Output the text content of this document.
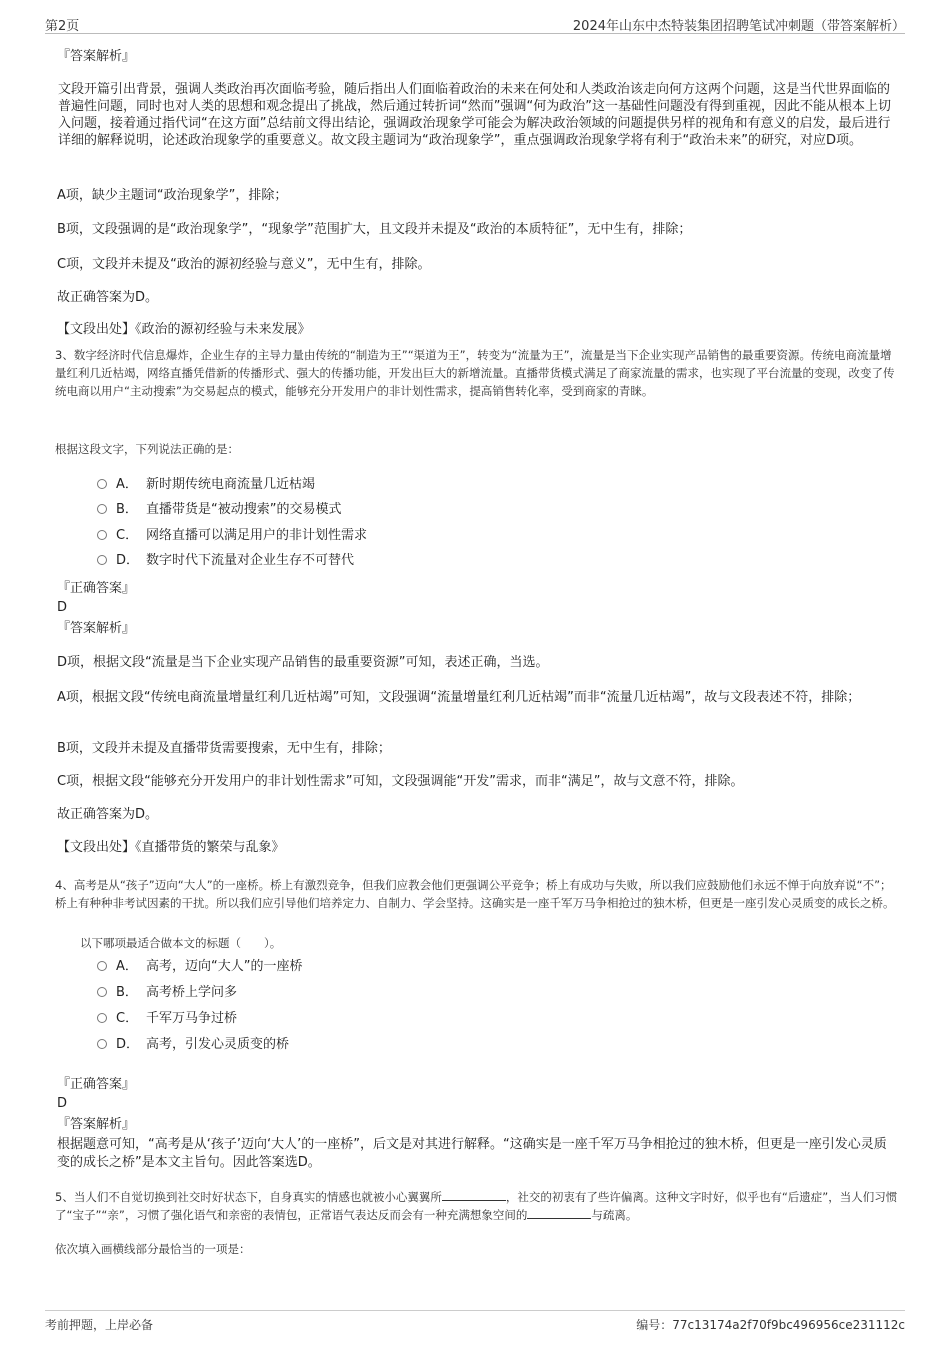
第2页	2024年山东中杰特装集团招聘笔试冲刺题（带答案解析）
『答案解析』
文段开篇引出背景，强调人类政治再次面临考验，随后指出人们面临着政治的未来在何处和人类政治该走向何方这两个问题，这是当代世界面临的普遍性问题，同时也对人类的思想和观念提出了挑战，然后通过转折词“然而”强调“何为政治”这一基础性问题没有得到重视，因此不能从根本上切入问题，接着通过指代词“在这方面”总结前文得出结论，强调政治现象学可能会为解决政治领域的问题提供另样的视角和有意义的启发，最后进行详细的解释说明，论述政治现象学的重要意义。故文段主题词为“政治现象学”，重点强调政治现象学将有利于“政治未来”的研究，对应D项。
A项，缺少主题词“政治现象学”，排除；
B项，文段强调的是“政治现象学”，“现象学”范围扩大，且文段并未提及“政治的本质特征”，无中生有，排除；
C项，文段并未提及“政治的源初经验与意义”，无中生有，排除。
故正确答案为D。
【文段出处】《政治的源初经验与未来发展》
3、数字经济时代信息爆炸，企业生存的主导力量由传统的“制造为王”“渠道为王”，转变为“流量为王”，流量是当下企业实现产品销售的最重要资源。传统电商流量增量红利几近枯竭，网络直播凭借新的传播形式、强大的传播功能，开发出巨大的新增流量。直播带货模式满足了商家流量的需求，也实现了平台流量的变现，改变了传统电商以用户“主动搜索”为交易起点的模式，能够充分开发用户的非计划性需求，提高销售转化率，受到商家的青睐。
根据这段文字，下列说法正确的是：
A． 新时期传统电商流量几近枯竭
B． 直播带货是“被动搜索”的交易模式
C． 网络直播可以满足用户的非计划性需求
D． 数字时代下流量对企业生存不可替代
『正确答案』
D
『答案解析』
D项，根据文段“流量是当下企业实现产品销售的最重要资源”可知，表述正确，当选。
A项，根据文段“传统电商流量增量红利几近枯竭”可知，文段强调“流量增量红利几近枯竭”而非“流量几近枯竭”，故与文段表述不符，排除；
B项，文段并未提及直播带货需要搜索，无中生有，排除；
C项，根据文段“能够充分开发用户的非计划性需求”可知，文段强调能“开发”需求，而非“满足”，故与文意不符，排除。
故正确答案为D。
【文段出处】《直播带货的繁荣与乱象》
4、高考是从“孩子”迈向“大人”的一座桥。桥上有激烈竞争，但我们应教会他们更强调公平竞争；桥上有成功与失败，所以我们应鼓励他们永远不惮于向放弃说“不”；桥上有种种非考试因素的干扰。所以我们应引导他们培养定力、自制力、学会坚持。这确实是一座千军万马争相抢过的独木桥，但更是一座引发心灵质变的成长之桥。
以下哪项最适合做本文的标题（　　）。
A． 高考，迈向“大人”的一座桥
B． 高考桥上学问多
C． 千军万马争过桥
D． 高考，引发心灵质变的桥
『正确答案』
D
『答案解析』
根据题意可知，“高考是从‘孩子’迈向‘大人’的一座桥”，后文是对其进行解释。“这确实是一座千军万马争相抢过的独木桥，但更是一座引发心灵质变的成长之桥”是本文主旨句。因此答案选D。
5、当人们不自觉切换到社交时好状态下，自身真实的情感也就被小心翼翼所	，社交的初衷有了些许偏离。这种文字时好，似乎也有“后遗症”，当人们习惯了“宝子”“亲”，习惯了强化语气和亲密的表情包，正常语气表达反而会有一种充满想象空间的	与疏离。
依次填入画横线部分最恰当的一项是：
考前押题，上岸必备	编号：77c13174a2f70f9bc496956ce231112c
